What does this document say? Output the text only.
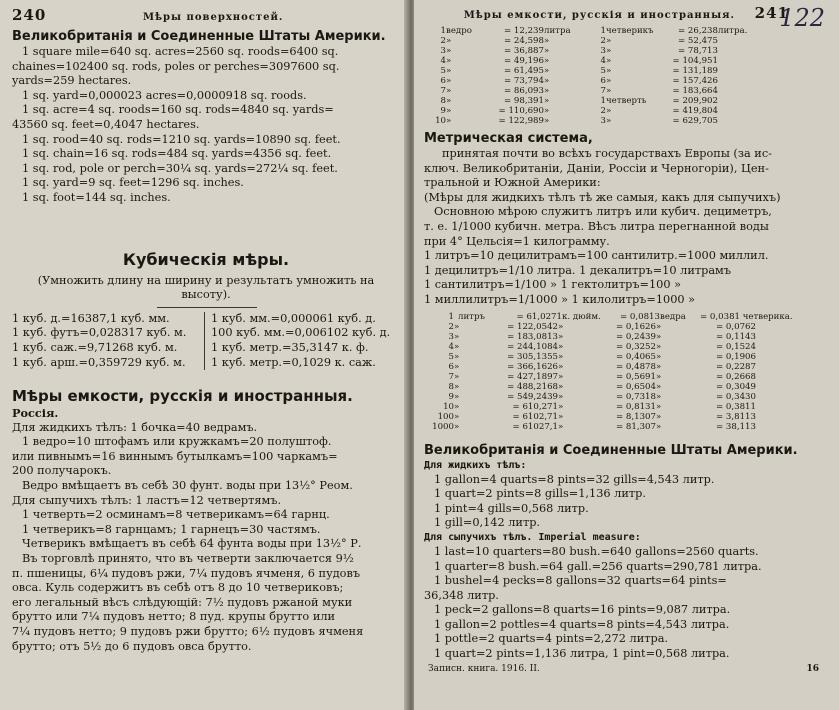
240	Мѣры поверхностей.
Великобританія и Соединенные Штаты Америки.
1 square mile=640 sq. acres=2560 sq. roods=6400 sq.
chaines=102400 sq. rods, poles or perches=3097600 sq.
yards=259 hectares.
1 sq. yard=0,000023 acres=0,0000918 sq. roods.
1 sq. acre=4 sq. roods=160 sq. rods=4840 sq. yards=
43560 sq. feet=0,4047 hectares.
1 sq. rood=40 sq. rods=1210 sq. yards=10890 sq. feet.
1 sq. chain=16 sq. rods=484 sq. yards=4356 sq. feet.
1 sq. rod, pole or perch=30¼ sq. yards=272¼ sq. feet.
1 sq. yard=9 sq. feet=1296 sq. inches.
1 sq. foot=144 sq. inches.
Кубическія мѣры.
(Умножить длину на ширину и результатъ умножить на
высоту).
1 куб. д.=16387,1 куб. мм.
1 куб. футъ=0,028317 куб. м.
1 куб. саж.=9,71268 куб. м.
1 куб. арш.=0,359729 куб. м.
1 куб. мм.=0,000061 куб. д.
100 куб. мм.=0,006102 куб. д.
1 куб. метр.=35,3147 к. ф.
1 куб. метр.=0,1029 к. саж.
Мѣры емкости, русскія и иностранныя.
Россія.
Для жидкихъ тѣлъ: 1 бочка=40 ведрамъ.
1 ведро=10 штофамъ или кружкамъ=20 полуштоф.
или пивнымъ=16 виннымъ бутылкамъ=100 чаркамъ=
200 получарокъ.
Ведро вмѣщаетъ въ себѣ 30 фунт. воды при 13½° Реом.
Для сыпучихъ тѣлъ: 1 ластъ=12 четвертямъ.
1 четверть=2 осминамъ=8 четверикамъ=64 гарнц.
1 четверикъ=8 гарнцамъ; 1 гарнецъ=30 частямъ.
Четверикъ вмѣщаетъ въ себѣ 64 фунта воды при 13½° Р.
Въ торговлѣ принято, что въ четверти заключается 9½
п. пшеницы, 6¼ пудовъ ржи, 7¼ пудовъ ячменя, 6 пудовъ
овса. Куль содержитъ въ себѣ отъ 8 до 10 четвериковъ;
его легальный вѣсъ слѣдующій: 7½ пудовъ ржаной муки
брутто или 7¼ пудовъ нетто; 8 пуд. крупы брутто или
7¼ пудовъ нетто; 9 пудовъ ржи брутто; 6½ пудовъ ячменя
брутто; отъ 5½ до 6 пудовъ овса брутто.
Мѣры емкости, русскія и иностранныя. 241
122
1 ведро	= 12,239 литра	1 четверикъ	= 26,238 литра.
2 »	= 24,598 »	2 »	= 52,475
3 »	= 36,887 »	3 »	= 78,713
4 »	= 49,196 »	4 »	= 104,951
5 »	= 61,495 »	5 »	= 131,189
6 »	= 73,794 »	6 »	= 157,426
7 »	= 86,093 »	7 »	= 183,664
8 »	= 98,391 »	1 четверть	= 209,902
9 »	= 110,690 »	2 »	= 419,804
10 »	= 122,989 »	3 »	= 629,705
Метрическая система,
принятая почти во всѣхъ государствахъ Европы (за ис-
ключ. Великобританіи, Даніи, Россіи и Черногоріи), Цен-
тральной и Южной Америки:
(Мѣры для жидкихъ тѣлъ тѣ же самыя, какъ для сыпучихъ)
Основною мѣрою служитъ литръ или кубич. дециметръ,
т. е. 1/1000 кубичн. метра. Вѣсъ литра перегнанной воды
при 4° Цельсія=1 килограмму.
1 литръ=10 децилитрамъ=100 сантилитр.=1000 миллил.
1 децилитръ=1/10 литра. 1 декалитръ=10 литрамъ
1 сантилитръ=1/100 » 1 гектолитръ=100 »
1 миллилитръ=1/1000 » 1 килолитръ=1000 »
1 литръ	= 61,0271 к. дюйм.	= 0,0813 ведра	= 0,0381 четверика.
2 »	= 122,0542 »	= 0,1626 »	= 0,0762
3 »	= 183,0813 »	= 0,2439 »	= 0,1143
4 »	= 244,1084 »	= 0,3252 »	= 0,1524
5 »	= 305,1355 »	= 0,4065 »	= 0,1906
6 »	= 366,1626 »	= 0,4878 »	= 0,2287
7 »	= 427,1897 »	= 0,5691 »	= 0,2668
8 »	= 488,2168 »	= 0,6504 »	= 0,3049
9 »	= 549,2439 »	= 0,7318 »	= 0,3430
10 »	= 610,271 »	= 0,8131 »	= 0,3811
100 »	= 6102,71 »	= 8,1307 »	= 3,8113
1000 »	= 61027,1 »	= 81,307 »	= 38,113
Великобританія и Соединенные Штаты Америки.
Для жидкихъ тѣлъ:
1 gallon=4 quarts=8 pints=32 gills=4,543 литр.
1 quart=2 pints=8 gills=1,136 литр.
1 pint=4 gills=0,568 литр.
1 gill=0,142 литр.
Для сыпучихъ тѣлъ. Imperial measure:
1 last=10 quarters=80 bush.=640 gallons=2560 quarts.
1 quarter=8 bush.=64 gall.=256 quarts=290,781 литра.
1 bushel=4 pecks=8 gallons=32 quarts=64 pints=
36,348 литр.
1 peck=2 gallons=8 quarts=16 pints=9,087 литра.
1 gallon=2 pottles=4 quarts=8 pints=4,543 литра.
1 pottle=2 quarts=4 pints=2,272 литра.
1 quart=2 pints=1,136 литра, 1 pint=0,568 литра.
Записн. книга. 1916. II.	16
